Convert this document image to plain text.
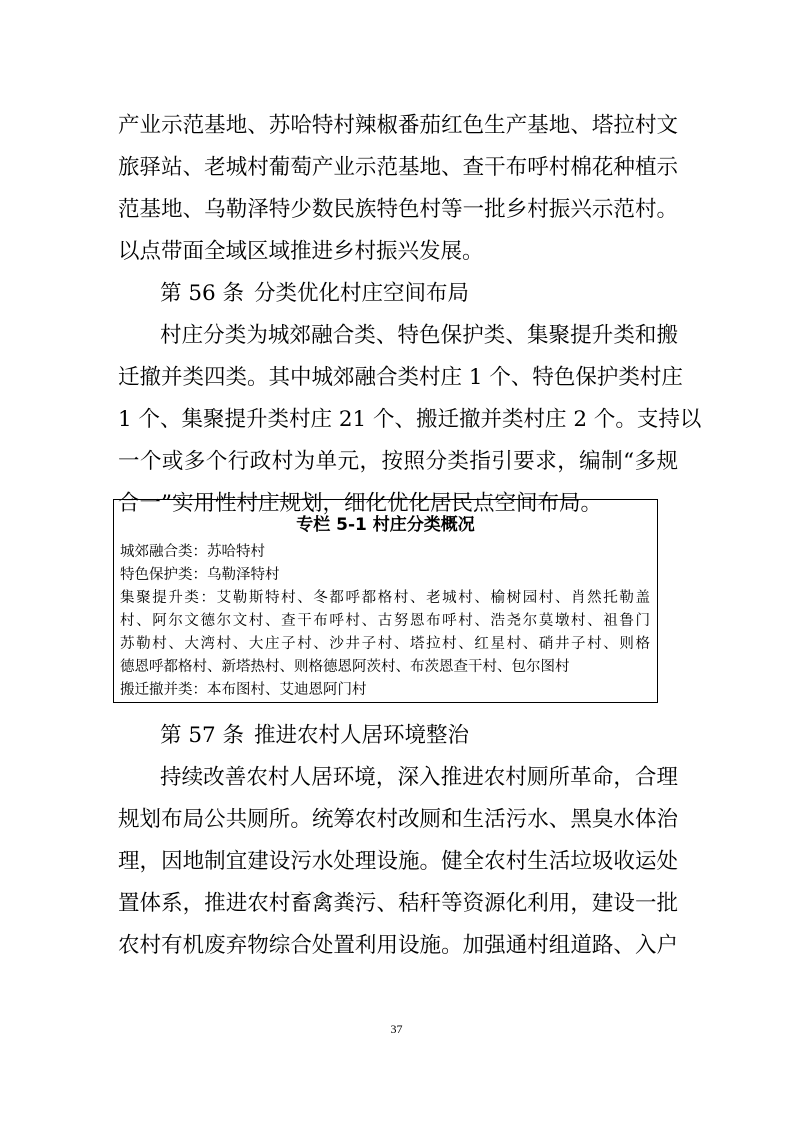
产业示范基地、苏哈特村辣椒番茄红色生产基地、塔拉村文
旅驿站、老城村葡萄产业示范基地、查干布呼村棉花种植示
范基地、乌勒泽特少数民族特色村等一批乡村振兴示范村。
以点带面全域区域推进乡村振兴发展。
第 56 条 分类优化村庄空间布局
村庄分类为城郊融合类、特色保护类、集聚提升类和搬
迁撤并类四类。其中城郊融合类村庄 1 个、特色保护类村庄
1 个、集聚提升类村庄 21 个、搬迁撤并类村庄 2 个。支持以
一个或多个行政村为单元，按照分类指引要求，编制“多规
合一”实用性村庄规划，细化优化居民点空间布局。
专栏 5-1 村庄分类概况
城郊融合类：苏哈特村
特色保护类：乌勒泽特村
集聚提升类：艾勒斯特村、冬都呼都格村、老城村、榆树园村、肖然托勒盖
村、阿尔文德尔文村、查干布呼村、古努恩布呼村、浩尧尔莫墩村、祖鲁门
苏勒村、大湾村、大庄子村、沙井子村、塔拉村、红星村、硝井子村、则格
德恩呼都格村、新塔热村、则格德恩阿茨村、布茨恩查干村、包尔图村
搬迁撤并类：本布图村、艾迪恩阿门村
第 57 条 推进农村人居环境整治
持续改善农村人居环境，深入推进农村厕所革命，合理
规划布局公共厕所。统筹农村改厕和生活污水、黑臭水体治
理，因地制宜建设污水处理设施。健全农村生活垃圾收运处
置体系，推进农村畜禽粪污、秸秆等资源化利用，建设一批
农村有机废弃物综合处置利用设施。加强通村组道路、入户
37
